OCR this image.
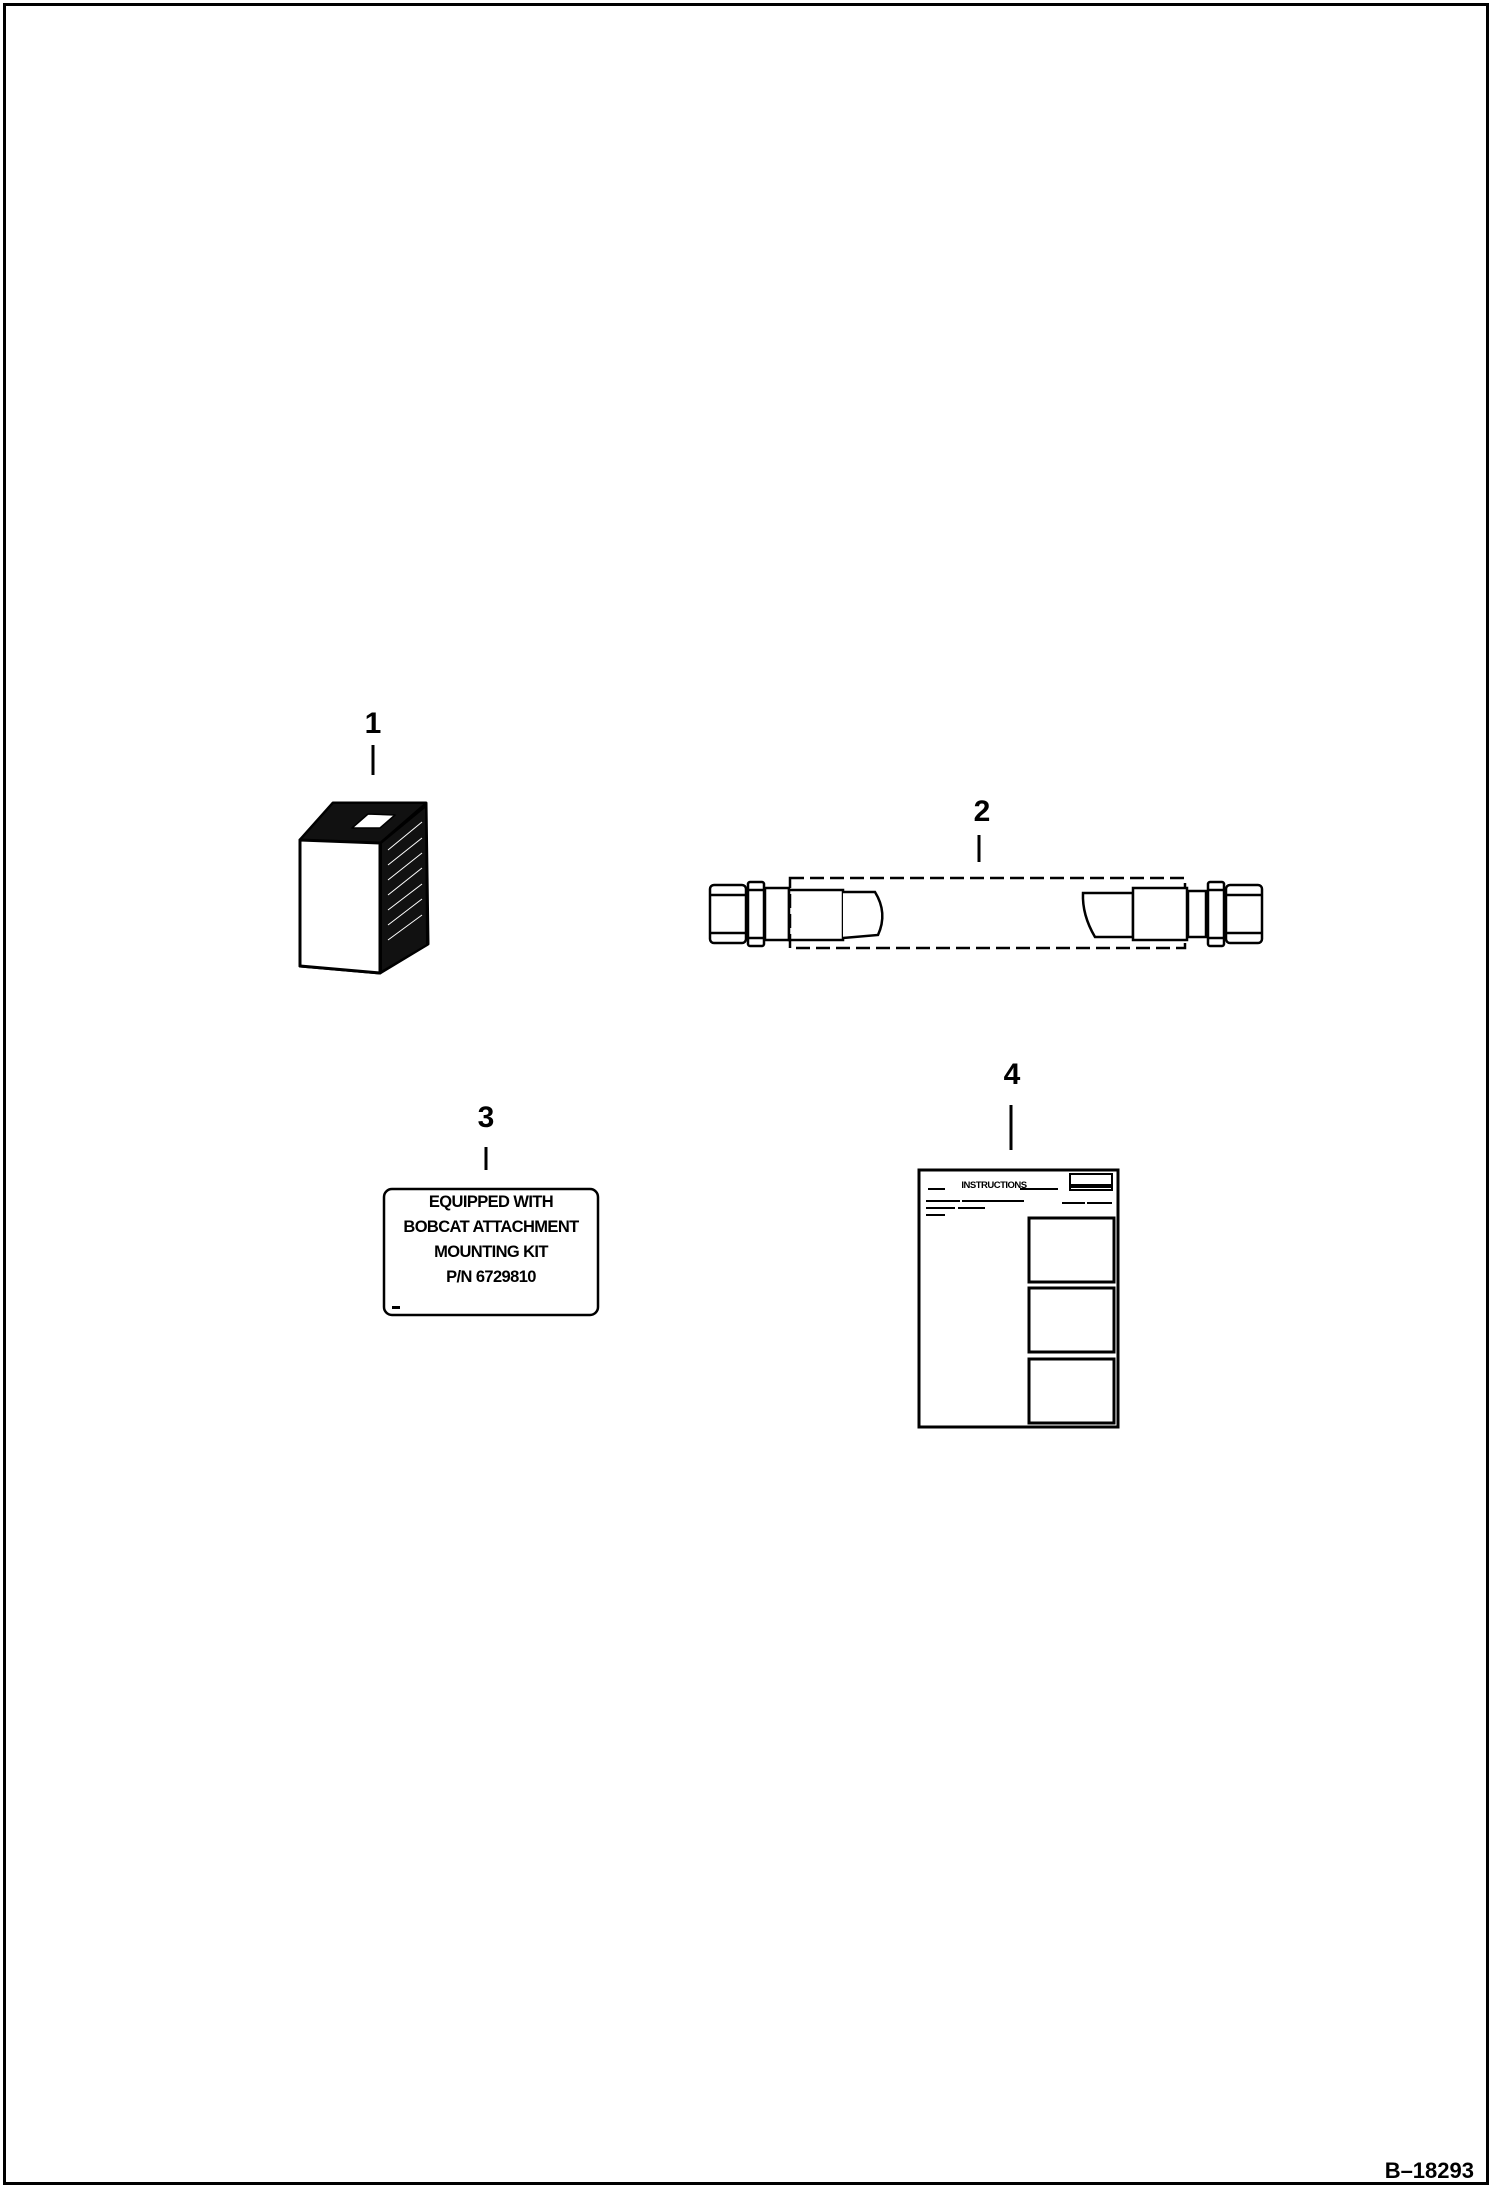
1
2
3
4
EQUIPPED WITH
BOBCAT ATTACHMENT
MOUNTING KIT
P/N 6729810
INSTRUCTIONS
B–18293
